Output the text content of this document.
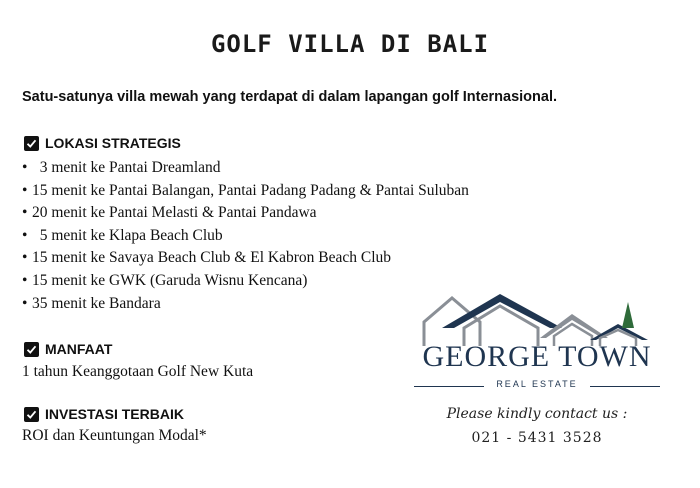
GOLF VILLA DI BALI
Satu-satunya villa mewah yang terdapat di dalam lapangan golf Internasional.
LOKASI STRATEGIS
• 3 menit ke Pantai Dreamland
• 15 menit ke Pantai Balangan, Pantai Padang Padang & Pantai Suluban
• 20 menit ke Pantai Melasti & Pantai Pandawa
• 5 menit ke Klapa Beach Club
• 15 menit ke Savaya Beach Club & El Kabron Beach Club
• 15 menit ke GWK (Garuda Wisnu Kencana)
• 35 menit ke Bandara
MANFAAT
1 tahun Keanggotaan Golf New Kuta
INVESTASI TERBAIK
ROI dan Keuntungan Modal*
GEORGE TOWN
REAL ESTATE
Please kindly contact us :
021 - 5431 3528
